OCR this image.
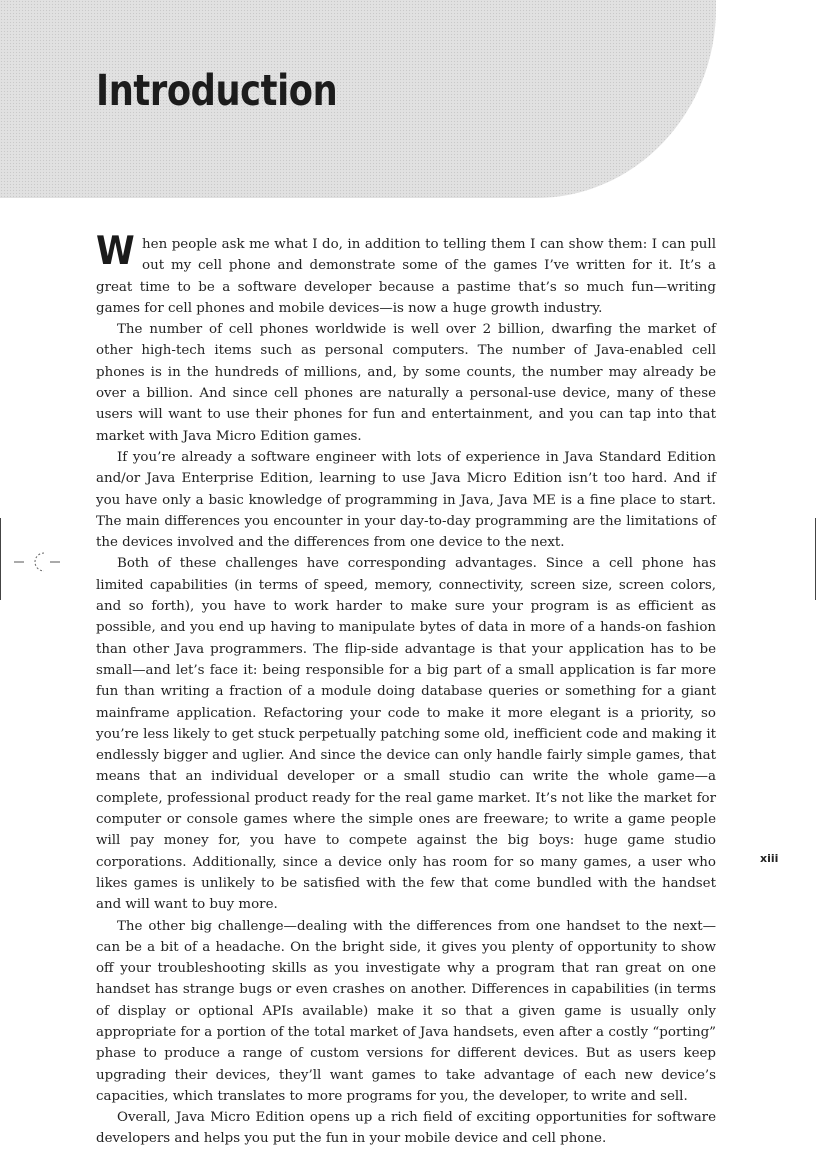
Introduction

When people ask me what I do, in addition to telling them I can show them: I can pull out my cell phone and demonstrate some of the games I’ve written for it. It’s a great time to be a software developer because a pastime that’s so much fun—writing games for cell phones and mobile devices—is now a huge growth industry.

The number of cell phones worldwide is well over 2 billion, dwarfing the market of other high-tech items such as personal computers. The number of Java-enabled cell phones is in the hundreds of millions, and, by some counts, the number may already be over a billion. And since cell phones are naturally a personal-use device, many of these users will want to use their phones for fun and entertainment, and you can tap into that market with Java Micro Edition games.

If you’re already a software engineer with lots of experience in Java Standard Edition and/or Java Enterprise Edition, learning to use Java Micro Edition isn’t too hard. And if you have only a basic knowledge of programming in Java, Java ME is a fine place to start. The main differences you encounter in your day-to-day programming are the limitations of the devices involved and the differences from one device to the next.

Both of these challenges have corresponding advantages. Since a cell phone has limited capabilities (in terms of speed, memory, connectivity, screen size, screen colors, and so forth), you have to work harder to make sure your program is as efficient as possible, and you end up having to manipulate bytes of data in more of a hands-on fashion than other Java programmers. The flip-side advantage is that your application has to be small—and let’s face it: being responsible for a big part of a small application is far more fun than writing a fraction of a module doing database queries or something for a giant mainframe application. Refactoring your code to make it more elegant is a priority, so you’re less likely to get stuck perpetually patching some old, inefficient code and making it endlessly bigger and uglier. And since the device can only handle fairly simple games, that means that an individual developer or a small studio can write the whole game—a complete, professional product ready for the real game market. It’s not like the market for computer or console games where the simple ones are freeware; to write a game people will pay money for, you have to compete against the big boys: huge game studio corporations. Additionally, since a device only has room for so many games, a user who likes games is unlikely to be satisfied with the few that come bundled with the handset and will want to buy more.

The other big challenge—dealing with the differences from one handset to the next—can be a bit of a headache. On the bright side, it gives you plenty of opportunity to show off your troubleshooting skills as you investigate why a program that ran great on one handset has strange bugs or even crashes on another. Differences in capabilities (in terms of display or optional APIs available) make it so that a given game is usually only appropriate for a portion of the total market of Java handsets, even after a costly “porting” phase to produce a range of custom versions for different devices. But as users keep upgrading their devices, they’ll want games to take advantage of each new device’s capacities, which translates to more programs for you, the developer, to write and sell.

Overall, Java Micro Edition opens up a rich field of exciting opportunities for software developers and helps you put the fun in your mobile device and cell phone.

xiii
